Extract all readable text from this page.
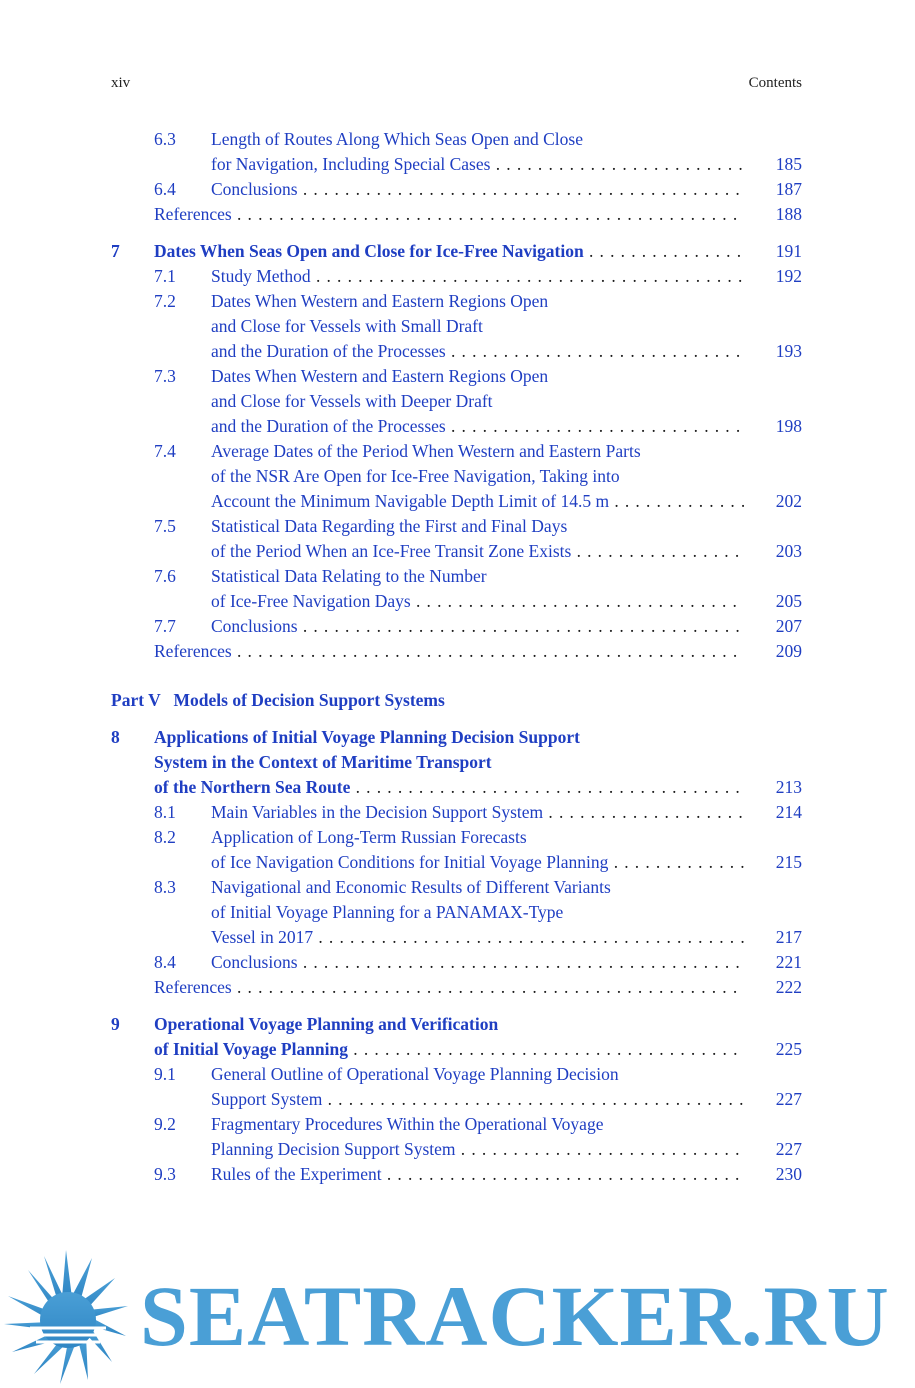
xiv	Contents
6.3 Length of Routes Along Which Seas Open and Close
for Navigation, Including Special Cases . . .	185
6.4 Conclusions . . .	187
References . . .	188
7 Dates When Seas Open and Close for Ice-Free Navigation . . .	191
7.1 Study Method . . .	192
7.2 Dates When Western and Eastern Regions Open
and Close for Vessels with Small Draft
and the Duration of the Processes . . .	193
7.3 Dates When Western and Eastern Regions Open
and Close for Vessels with Deeper Draft
and the Duration of the Processes . . .	198
7.4 Average Dates of the Period When Western and Eastern Parts
of the NSR Are Open for Ice-Free Navigation, Taking into
Account the Minimum Navigable Depth Limit of 14.5 m . . .	202
7.5 Statistical Data Regarding the First and Final Days
of the Period When an Ice-Free Transit Zone Exists . . .	203
7.6 Statistical Data Relating to the Number
of Ice-Free Navigation Days . . .	205
7.7 Conclusions . . .	207
References . . .	209
Part V   Models of Decision Support Systems
8 Applications of Initial Voyage Planning Decision Support
System in the Context of Maritime Transport
of the Northern Sea Route . . .	213
8.1 Main Variables in the Decision Support System . . .	214
8.2 Application of Long-Term Russian Forecasts
of Ice Navigation Conditions for Initial Voyage Planning . . .	215
8.3 Navigational and Economic Results of Different Variants
of Initial Voyage Planning for a PANAMAX-Type
Vessel in 2017 . . .	217
8.4 Conclusions . . .	221
References . . .	222
9 Operational Voyage Planning and Verification
of Initial Voyage Planning . . .	225
9.1 General Outline of Operational Voyage Planning Decision
Support System . . .	227
9.2 Fragmentary Procedures Within the Operational Voyage
Planning Decision Support System . . .	227
9.3 Rules of the Experiment . . .	230
SEATRACKER.RU
